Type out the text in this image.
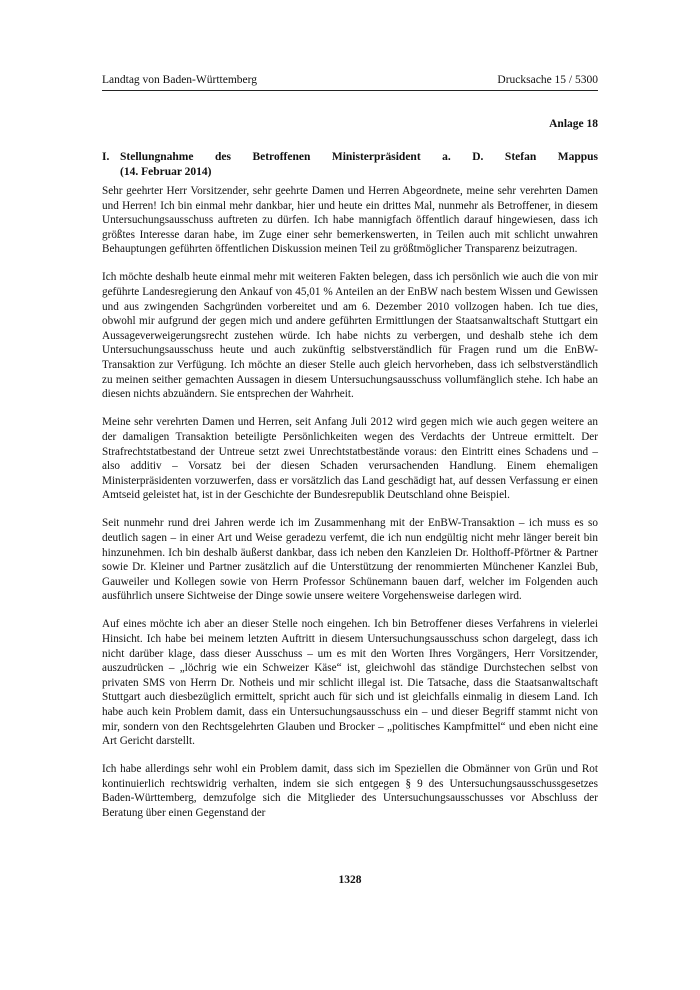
Landtag von Baden-Württemberg	Drucksache 15 / 5300
Anlage 18
I. Stellungnahme des Betroffenen Ministerpräsident a. D. Stefan Mappus
(14. Februar 2014)

Sehr geehrter Herr Vorsitzender, sehr geehrte Damen und Herren Abgeordnete, meine sehr verehrten Damen und Herren! Ich bin einmal mehr dankbar, hier und heute ein drittes Mal, nunmehr als Betroffener, in diesem Untersuchungsausschuss auftreten zu dürfen. Ich habe mannigfach öffentlich darauf hingewiesen, dass ich größtes Interesse daran habe, im Zuge einer sehr bemerkenswerten, in Teilen auch mit schlicht unwahren Behauptungen geführten öffentlichen Diskussion meinen Teil zu größtmöglicher Transparenz beizutragen.

Ich möchte deshalb heute einmal mehr mit weiteren Fakten belegen, dass ich persönlich wie auch die von mir geführte Landesregierung den Ankauf von 45,01 % Anteilen an der EnBW nach bestem Wissen und Gewissen und aus zwingenden Sachgründen vorbereitet und am 6. Dezember 2010 vollzogen haben. Ich tue dies, obwohl mir aufgrund der gegen mich und andere geführten Ermittlungen der Staatsanwaltschaft Stuttgart ein Aussageverweigerungsrecht zustehen würde. Ich habe nichts zu verbergen, und deshalb stehe ich dem Untersuchungsausschuss heute und auch zukünftig selbstverständlich für Fragen rund um die EnBW-Transaktion zur Verfügung. Ich möchte an dieser Stelle auch gleich hervorheben, dass ich selbstverständlich zu meinen seither gemachten Aussagen in diesem Untersuchungsausschuss vollumfänglich stehe. Ich habe an diesen nichts abzuändern. Sie entsprechen der Wahrheit.

Meine sehr verehrten Damen und Herren, seit Anfang Juli 2012 wird gegen mich wie auch gegen weitere an der damaligen Transaktion beteiligte Persönlichkeiten wegen des Verdachts der Untreue ermittelt. Der Strafrechtstatbestand der Untreue setzt zwei Unrechtstatbestände voraus: den Eintritt eines Schadens und – also additiv – Vorsatz bei der diesen Schaden verursachenden Handlung. Einem ehemaligen Ministerpräsidenten vorzuwerfen, dass er vorsätzlich das Land geschädigt hat, auf dessen Verfassung er einen Amtseid geleistet hat, ist in der Geschichte der Bundesrepublik Deutschland ohne Beispiel.

Seit nunmehr rund drei Jahren werde ich im Zusammenhang mit der EnBW-Transaktion – ich muss es so deutlich sagen – in einer Art und Weise geradezu verfemt, die ich nun endgültig nicht mehr länger bereit bin hinzunehmen. Ich bin deshalb äußerst dankbar, dass ich neben den Kanzleien Dr. Holthoff-Pförtner & Partner sowie Dr. Kleiner und Partner zusätzlich auf die Unterstützung der renommierten Münchener Kanzlei Bub, Gauweiler und Kollegen sowie von Herrn Professor Schünemann bauen darf, welcher im Folgenden auch ausführlich unsere Sichtweise der Dinge sowie unsere weitere Vorgehensweise darlegen wird.

Auf eines möchte ich aber an dieser Stelle noch eingehen. Ich bin Betroffener dieses Verfahrens in vielerlei Hinsicht. Ich habe bei meinem letzten Auftritt in diesem Untersuchungsausschuss schon dargelegt, dass ich nicht darüber klage, dass dieser Ausschuss – um es mit den Worten Ihres Vorgängers, Herr Vorsitzender, auszudrücken – „löchrig wie ein Schweizer Käse“ ist, gleichwohl das ständige Durchstechen selbst von privaten SMS von Herrn Dr. Notheis und mir schlicht illegal ist. Die Tatsache, dass die Staatsanwaltschaft Stuttgart auch diesbezüglich ermittelt, spricht auch für sich und ist gleichfalls einmalig in diesem Land. Ich habe auch kein Problem damit, dass ein Untersuchungsausschuss ein – und dieser Begriff stammt nicht von mir, sondern von den Rechtsgelehrten Glauben und Brocker – „politisches Kampfmittel“ und eben nicht eine Art Gericht darstellt.

Ich habe allerdings sehr wohl ein Problem damit, dass sich im Speziellen die Obmänner von Grün und Rot kontinuierlich rechtswidrig verhalten, indem sie sich entgegen § 9 des Untersuchungsausschussgesetzes Baden-Württemberg, demzufolge sich die Mitglieder des Untersuchungsausschusses vor Abschluss der Beratung über einen Gegenstand der

1328
